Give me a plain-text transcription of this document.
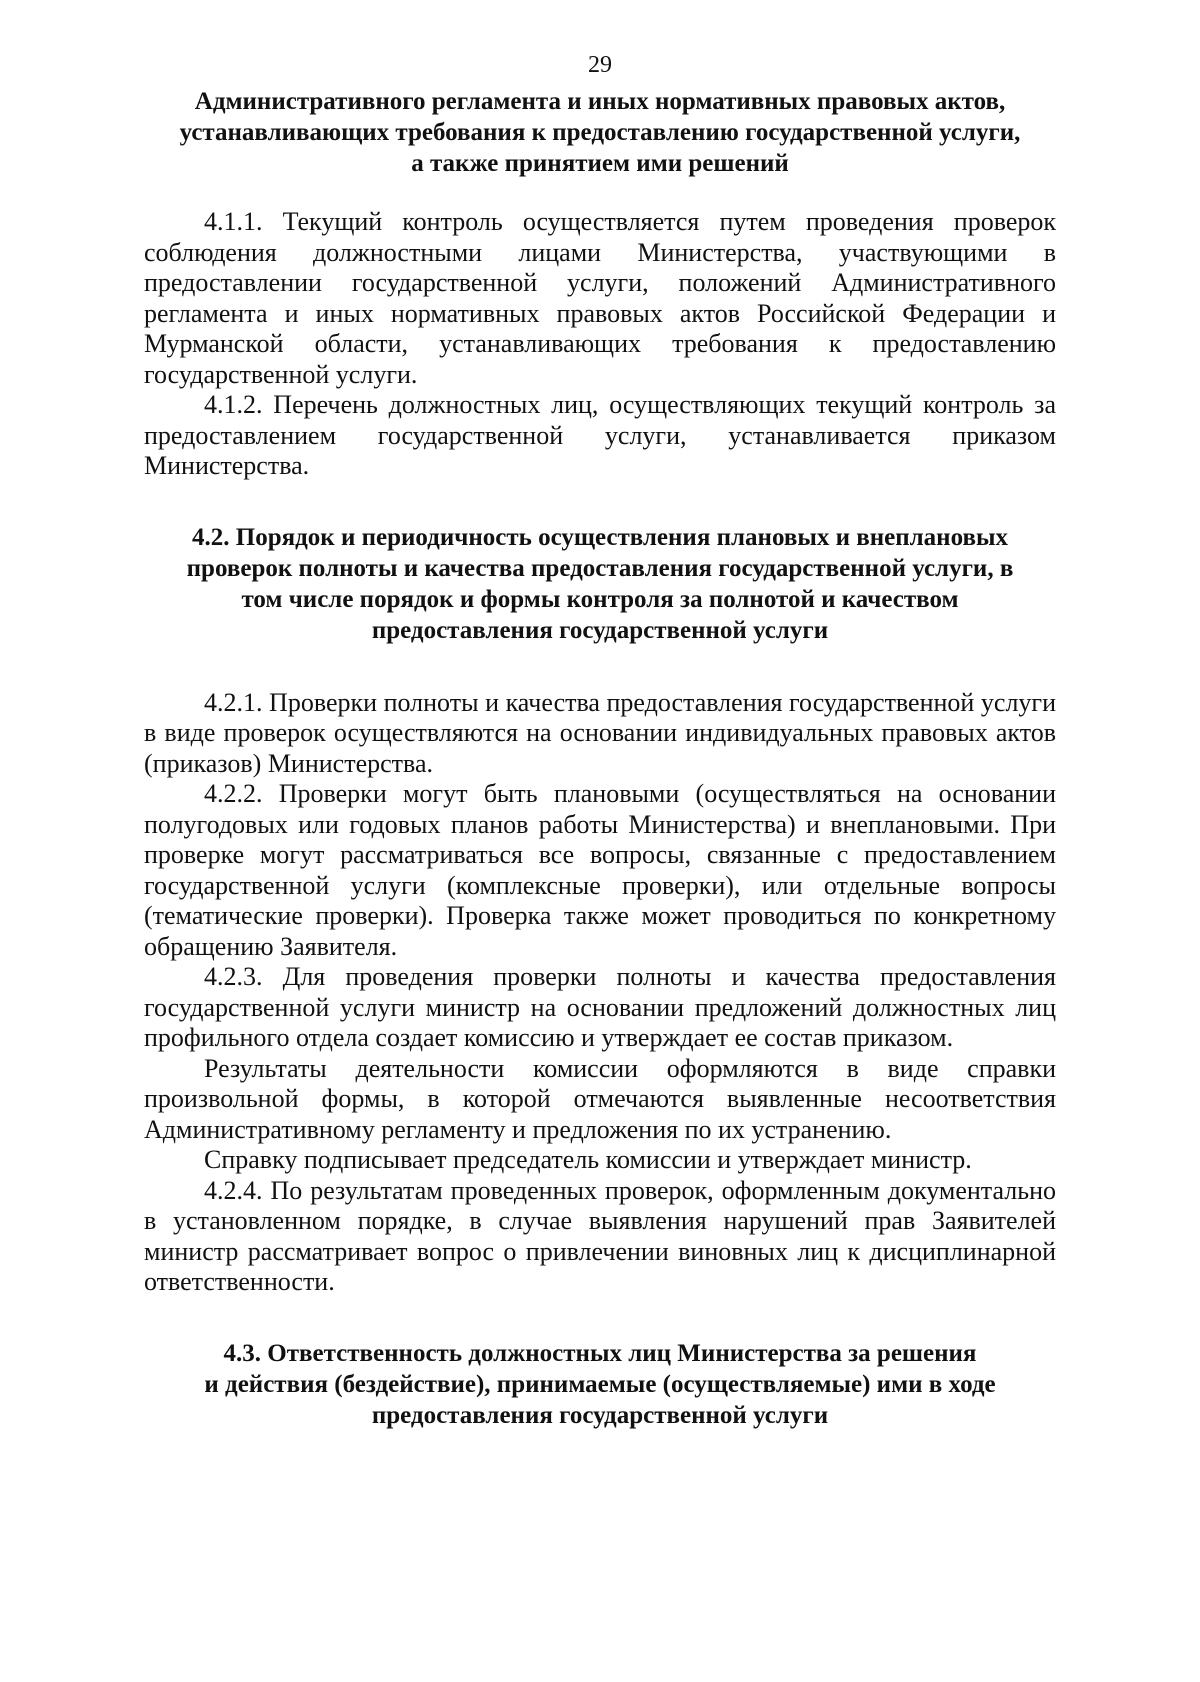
29
Административного регламента и иных нормативных правовых актов,
устанавливающих требования к предоставлению государственной услуги,
а также принятием ими решений

4.1.1. Текущий контроль осуществляется путем проведения проверок соблюдения должностными лицами Министерства, участвующими в предоставлении государственной услуги, положений Административного регламента и иных нормативных правовых актов Российской Федерации и Мурманской области, устанавливающих требования к предоставлению государственной услуги.

4.1.2. Перечень должностных лиц, осуществляющих текущий контроль за предоставлением государственной услуги, устанавливается приказом Министерства.

4.2. Порядок и периодичность осуществления плановых и внеплановых
проверок полноты и качества предоставления государственной услуги, в
том числе порядок и формы контроля за полнотой и качеством
предоставления государственной услуги

4.2.1. Проверки полноты и качества предоставления государственной услуги в виде проверок осуществляются на основании индивидуальных правовых актов (приказов) Министерства.

4.2.2. Проверки могут быть плановыми (осуществляться на основании полугодовых или годовых планов работы Министерства) и внеплановыми. При проверке могут рассматриваться все вопросы, связанные с предоставлением государственной услуги (комплексные проверки), или отдельные вопросы (тематические проверки). Проверка также может проводиться по конкретному обращению Заявителя.

4.2.3. Для проведения проверки полноты и качества предоставления государственной услуги министр на основании предложений должностных лиц профильного отдела создает комиссию и утверждает ее состав приказом.

Результаты деятельности комиссии оформляются в виде справки произвольной формы, в которой отмечаются выявленные несоответствия Административному регламенту и предложения по их устранению.

Справку подписывает председатель комиссии и утверждает министр.

4.2.4. По результатам проведенных проверок, оформленным документально в установленном порядке, в случае выявления нарушений прав Заявителей министр рассматривает вопрос о привлечении виновных лиц к дисциплинарной ответственности.

4.3. Ответственность должностных лиц Министерства за решения
и действия (бездействие), принимаемые (осуществляемые) ими в ходе
предоставления государственной услуги
